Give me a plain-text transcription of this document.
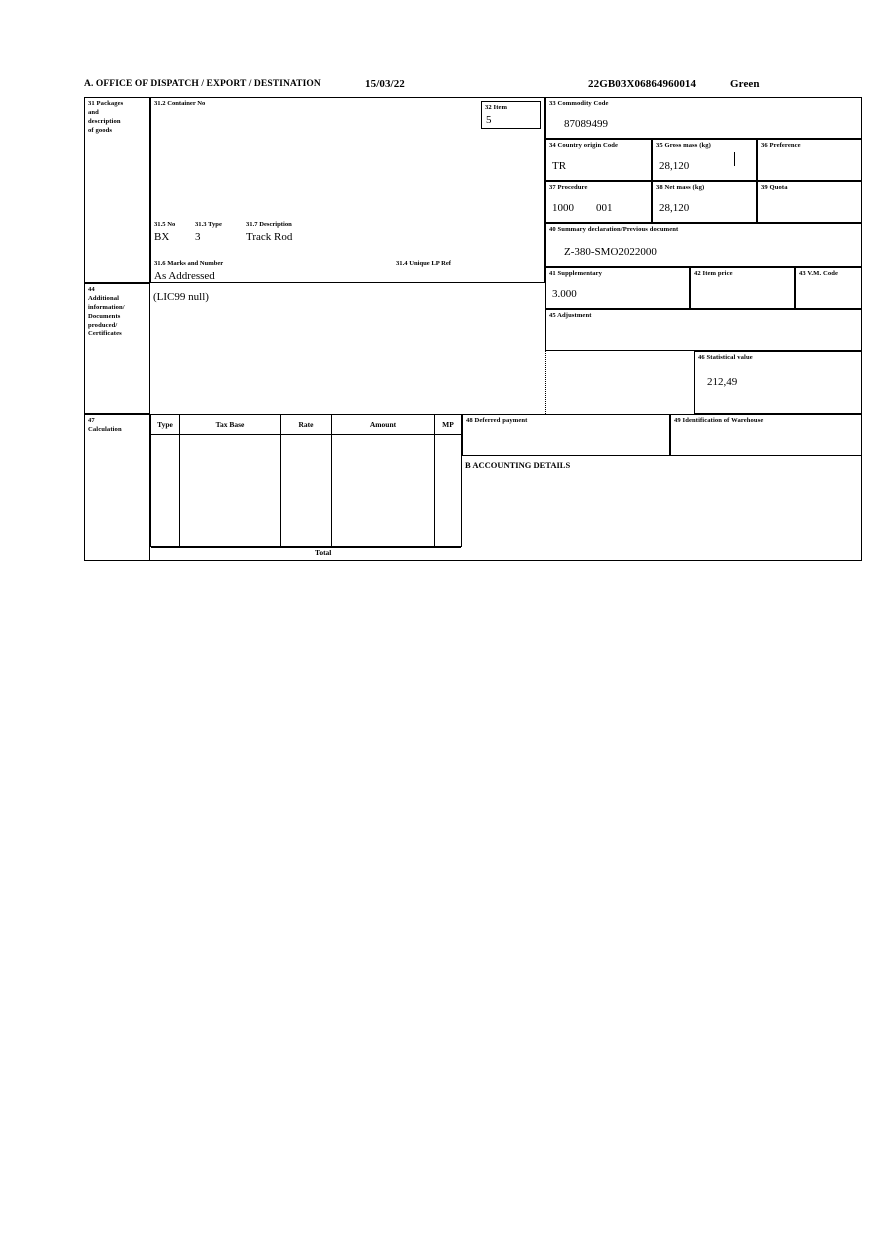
A. OFFICE OF DISPATCH / EXPORT / DESTINATION	15/03/22	22GB03X06864960014	Green
31 Packages
and
description
of goods
31.2 Container No
31.5 No	31.3 Type	31.7 Description
BX 3	Track Rod
31.6 Marks and Number	31.4 Unique LP Ref
As Addressed
32 Item
5
33 Commodity Code
87089499
34 Country origin Code
TR
35 Gross mass (kg)
28,120
36 Preference
37 Procedure
1000        001
38 Net mass (kg)
28,120
39 Quota
40 Summary declaration/Previous document
Z-380-SMO2022000
41 Supplementary
3.000
42 Item price	43 V.M. Code
44
Additional
information/
Documents
produced/
Certificates
(LIC99 null)
45 Adjustment
46 Statistical value
212,49
47
Calculation
Type	Tax Base	Rate	Amount	MP
Total
48 Deferred payment	49 Identification of Warehouse
B ACCOUNTING DETAILS
